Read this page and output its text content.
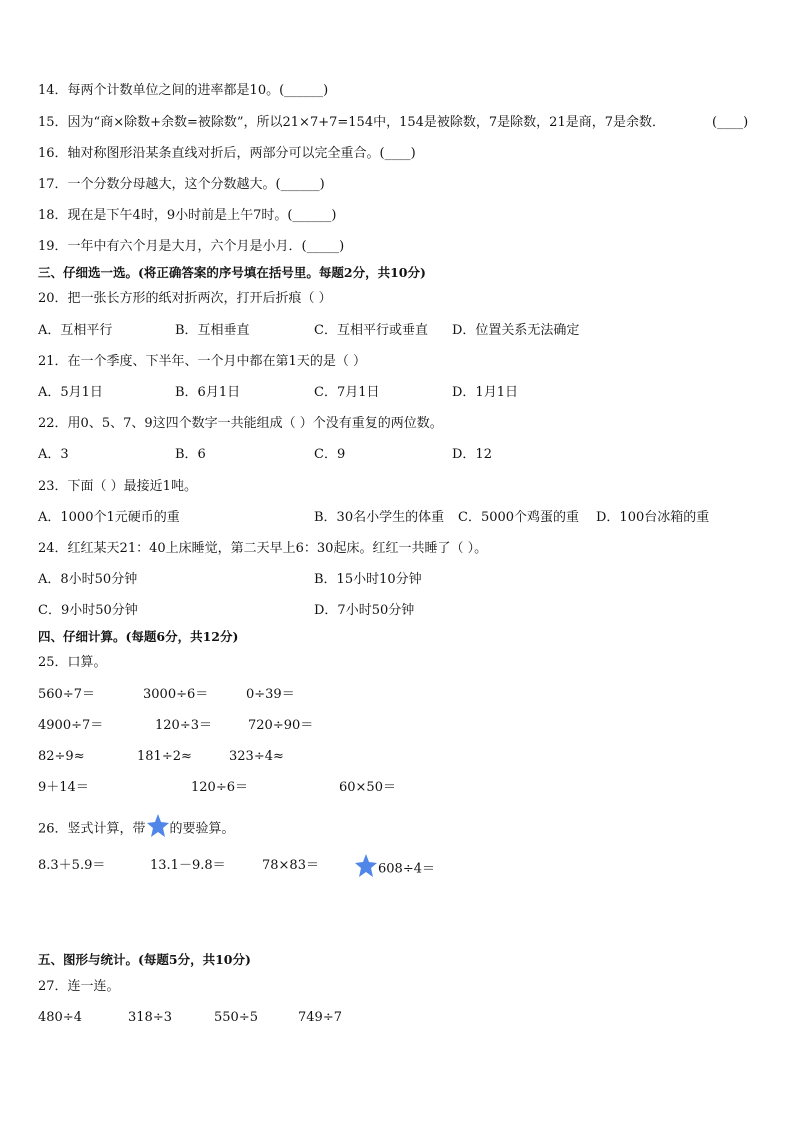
14．每两个计数单位之间的进率都是10。(______)
15．因为“商×除数+余数=被除数”，所以21×7+7=154中，154是被除数，7是除数，21是商，7是余数．	(____)
16．轴对称图形沿某条直线对折后，两部分可以完全重合。(____)
17．一个分数分母越大，这个分数越大。(______)
18．现在是下午4时，9小时前是上午7时。(______)
19．一年中有六个月是大月，六个月是小月．(_____)
三、仔细选一选。(将正确答案的序号填在括号里。每题2分，共10分)
20．把一张长方形的纸对折两次，打开后折痕（ ）
A．互相平行	B．互相垂直	C．互相平行或垂直 D．位置关系无法确定
21．在一个季度、下半年、一个月中都在第1天的是（ ）
A．5月1日	B．6月1日	C．7月1日	D．1月1日
22．用0、5、7、9这四个数字一共能组成（ ）个没有重复的两位数。
A．3	B．6	C．9	D．12
23．下面（ ）最接近1吨。
A．1000个1元硬币的重	B．30名小学生的体重 C．5000个鸡蛋的重 D．100台冰箱的重
24．红红某天21：40上床睡觉，第二天早上6：30起床。红红一共睡了（ ）。
A．8小时50分钟	B．15小时10分钟
C．9小时50分钟	D．7小时50分钟
四、仔细计算。(每题6分，共12分)
25．口算。
560÷7＝	3000÷6＝	0÷39＝
4900÷7＝	120÷3＝	720÷90＝
82÷9≈	181÷2≈	323÷4≈
9＋14＝	120÷6＝	60×50＝
26．竖式计算，带 的要验算。
8.3＋5.9＝	13.1－9.8＝	78×83＝	608÷4＝
五、图形与统计。(每题5分，共10分)
27．连一连。
480÷4	318÷3	550÷5	749÷7
